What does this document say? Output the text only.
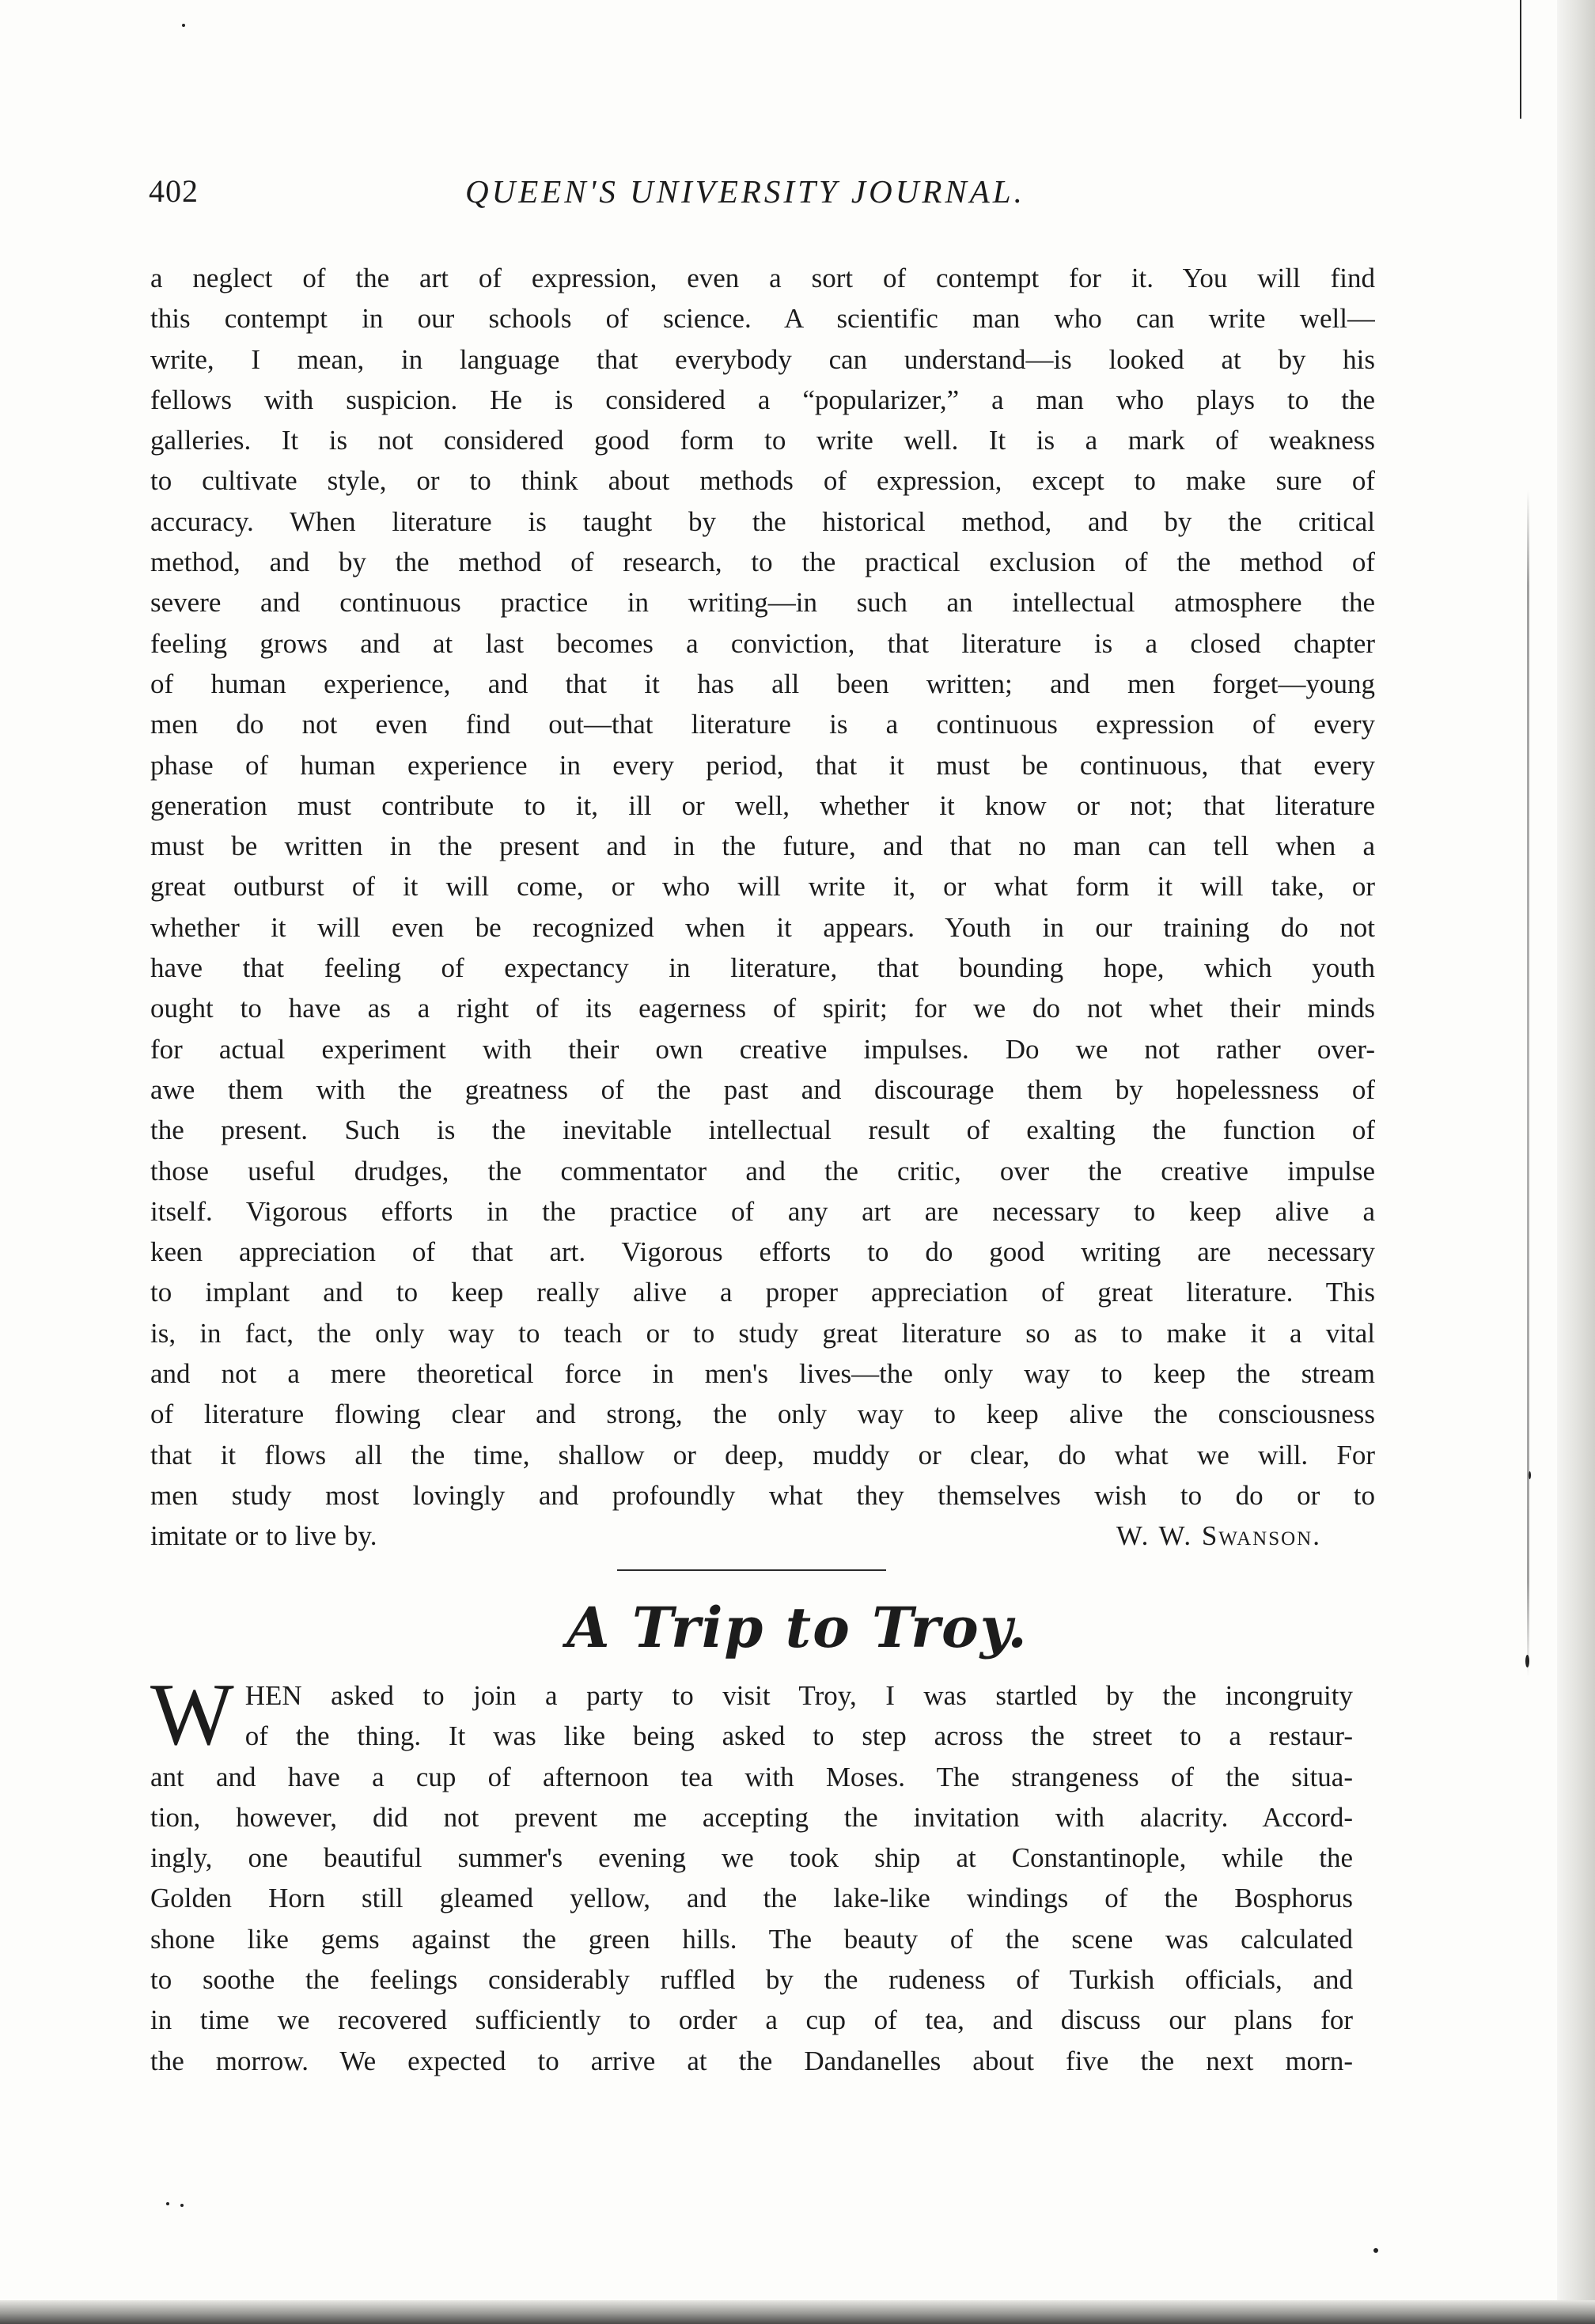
402	QUEEN'S UNIVERSITY JOURNAL.
a neglect of the art of expression, even a sort of contempt for it. You will find
this contempt in our schools of science. A scientific man who can write well—
write, I mean, in language that everybody can understand—is looked at by his
fellows with suspicion. He is considered a “popularizer,” a man who plays to the
galleries. It is not considered good form to write well. It is a mark of weakness
to cultivate style, or to think about methods of expression, except to make sure of
accuracy. When literature is taught by the historical method, and by the critical
method, and by the method of research, to the practical exclusion of the method of
severe and continuous practice in writing—in such an intellectual atmosphere the
feeling grows and at last becomes a conviction, that literature is a closed chapter
of human experience, and that it has all been written; and men forget—young
men do not even find out—that literature is a continuous expression of every
phase of human experience in every period, that it must be continuous, that every
generation must contribute to it, ill or well, whether it know or not; that literature
must be written in the present and in the future, and that no man can tell when a
great outburst of it will come, or who will write it, or what form it will take, or
whether it will even be recognized when it appears. Youth in our training do not
have that feeling of expectancy in literature, that bounding hope, which youth
ought to have as a right of its eagerness of spirit; for we do not whet their minds
for actual experiment with their own creative impulses. Do we not rather over-
awe them with the greatness of the past and discourage them by hopelessness of
the present. Such is the inevitable intellectual result of exalting the function of
those useful drudges, the commentator and the critic, over the creative impulse
itself. Vigorous efforts in the practice of any art are necessary to keep alive a
keen appreciation of that art. Vigorous efforts to do good writing are necessary
to implant and to keep really alive a proper appreciation of great literature. This
is, in fact, the only way to teach or to study great literature so as to make it a vital
and not a mere theoretical force in men's lives—the only way to keep the stream
of literature flowing clear and strong, the only way to keep alive the consciousness
that it flows all the time, shallow or deep, muddy or clear, do what we will. For
men study most lovingly and profoundly what they themselves wish to do or to
imitate or to live by.	W. W. Swanson.
A Trip to Troy.
W HEN asked to join a party to visit Troy, I was startled by the incongruity
of the thing. It was like being asked to step across the street to a restaur-
ant and have a cup of afternoon tea with Moses. The strangeness of the situa-
tion, however, did not prevent me accepting the invitation with alacrity. Accord-
ingly, one beautiful summer's evening we took ship at Constantinople, while the
Golden Horn still gleamed yellow, and the lake-like windings of the Bosphorus
shone like gems against the green hills. The beauty of the scene was calculated
to soothe the feelings considerably ruffled by the rudeness of Turkish officials, and
in time we recovered sufficiently to order a cup of tea, and discuss our plans for
the morrow. We expected to arrive at the Dandanelles about five the next morn-
